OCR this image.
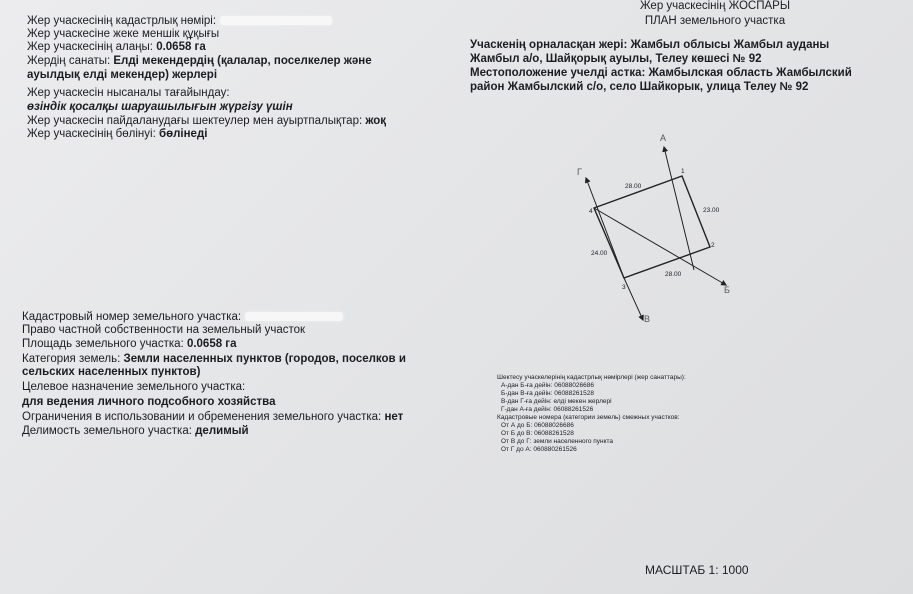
Жер учаскесінің кадастрлық нөмірі:
Жер учаскесіне жеке меншік құқығы
Жер учаскесінің алаңы: 0.0658 га
Жердің санаты: Елді мекендердің (қалалар, поселкелер және
ауылдық елді мекендер) жерлері
Жер учаскесін нысаналы тағайындау:
өзіндік қосалқы шаруашылығын жүргізу үшін
Жер учаскесін пайдаланудағы шектеулер мен ауыртпалықтар: жоқ
Жер учаскесінің бөлінуі: бөлінеді
Жер учаскесінің ЖОСПАРЫ
ПЛАН земельного участка
Учаскенің орналасқан жері: Жамбыл облысы Жамбыл ауданы
Жамбыл а/о, Шайқорық ауылы, Телеу көшесі № 92
Местоположение учелді астка: Жамбылская область Жамбылский
район Жамбылский с/о, село Шайкорык, улица Телеу № 92
А
Б
В
Г
28.00
23.00
28.00
24.00
1
2
3
4
Кадастровый номер земельного участка:
Право частной собственности на земельный участок
Площадь земельного участка: 0.0658 га
Категория земель: Земли населенных пунктов (городов, поселков и
сельских населенных пунктов)
Целевое назначение земельного участка:
для ведения личного подсобного хозяйства
Ограничения в использовании и обременения земельного участка: нет
Делимость земельного участка: делимый
Шектесу учаскелерінің кадастрлық нөмірлері (жер санаттары):
А-дан Б-ға дейін: 06088026686
Б-дан В-ға дейін: 06088261528
В-дан Г-ға дейін: елді мекен жерлері
Г-дан А-ға дейін: 06088261526
Кадастровые номера (категории земель) смежных участков:
От А до Б: 06088026686
От Б до В: 06088261528
От В до Г: земли населенного пункта
От Г до А: 060880261526
МАСШТАБ 1: 1000
